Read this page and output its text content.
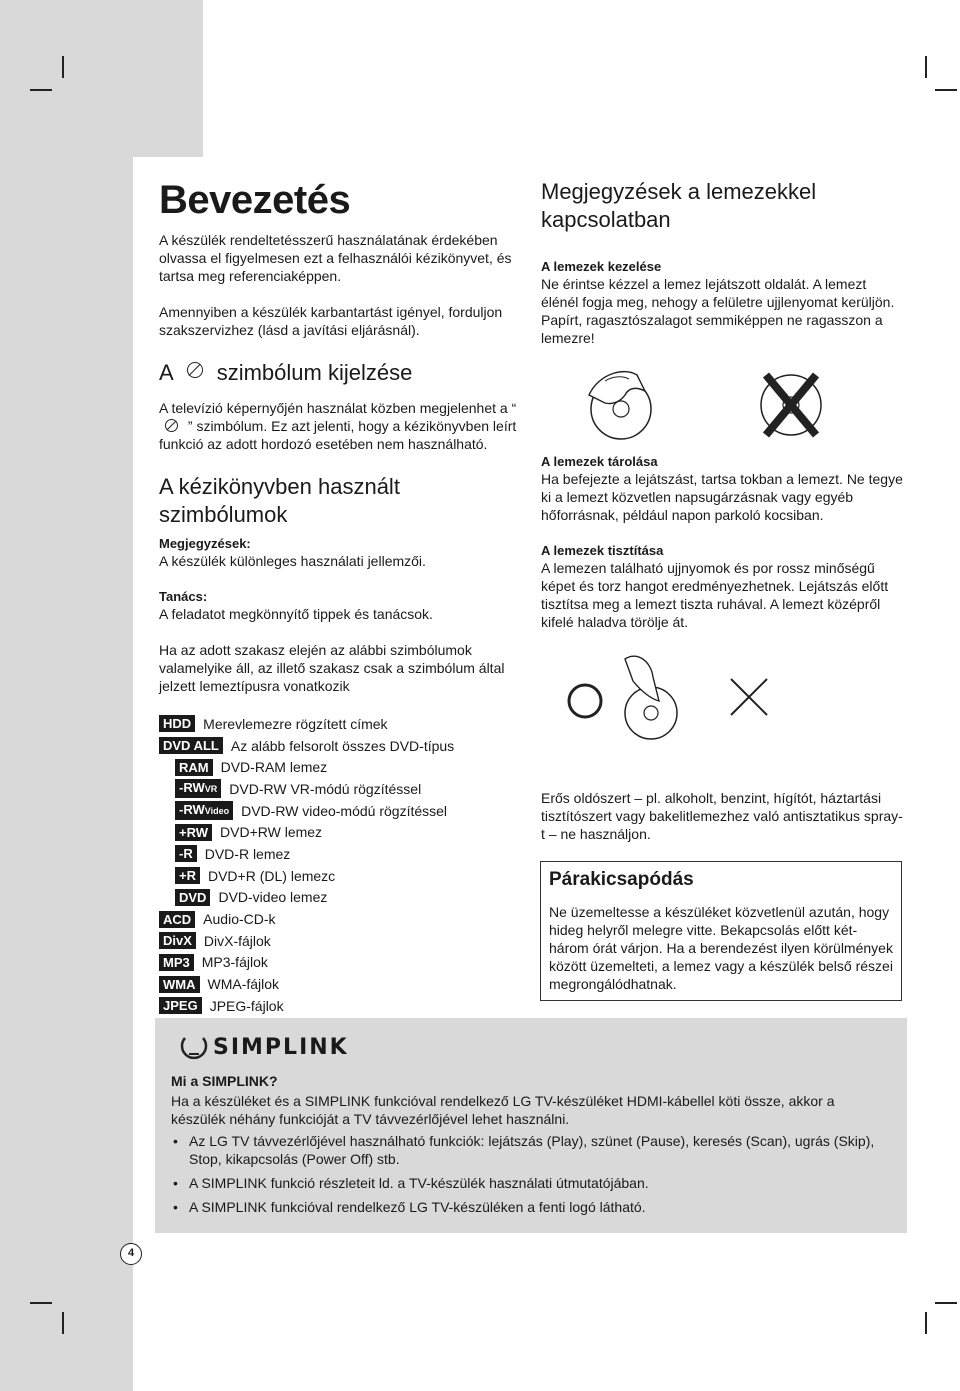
Bevezetés

A készülék rendeltetésszerű használatának érdekében olvassa el figyelmesen ezt a felhasználói kézikönyvet, és tartsa meg referenciaképpen.

Amennyiben a készülék karbantartást igényel, forduljon szakszervizhez (lásd a javítási eljárásnál).

A szimbólum kijelzése

A televízió képernyőjén használat közben megjelenhet a “
” szimbólum. Ez azt jelenti, hogy a kézikönyvben leírt funkció az adott hordozó esetében nem használható.

A kézikönyvben használt szimbólumok

Megjegyzések:

A készülék különleges használati jellemzői.

Tanács:

A feladatot megkönnyítő tippek és tanácsok.

Ha az adott szakasz elején az alábbi szimbólumok valamelyike áll, az illető szakasz csak a szimbólum által jelzett lemeztípusra vonatkozik

HDD Merevlemezre rögzített címek
DVD ALL Az alább felsorolt összes DVD-típus
RAM DVD-RAM lemez
-RWVR DVD-RW VR-módú rögzítéssel
-RWVideo DVD-RW video-módú rögzítéssel
+RW DVD+RW lemez
-R DVD-R lemez
+R DVD+R (DL) lemezc
DVD DVD-video lemez
ACD Audio-CD-k
DivX DivX-fájlok
MP3 MP3-fájlok
WMA WMA-fájlok
JPEG JPEG-fájlok
Megjegyzések a lemezekkel kapcsolatban

A lemezek kezelése

Ne érintse kézzel a lemez lejátszott oldalát. A lemezt élénél fogja meg, nehogy a felületre ujjlenyomat kerüljön. Papírt, ragasztószalagot semmiképpen ne ragasszon a lemezre!

A lemezek tárolása

Ha befejezte a lejátszást, tartsa tokban a lemezt. Ne tegye ki a lemezt közvetlen napsugárzásnak vagy egyéb hőforrásnak, például napon parkoló kocsiban.

A lemezek tisztítása

A lemezen található ujjnyomok és por rossz minőségű képet és torz hangot eredményezhetnek. Lejátszás előtt tisztítsa meg a lemezt tiszta ruhával. A lemezt középről kifelé haladva törölje át.

Erős oldószert – pl. alkoholt, benzint, hígítót, háztartási tisztítószert vagy bakelitlemezhez való antisztatikus spray-t – ne használjon.

Párakicsapódás

Ne üzemeltesse a készüléket közvetlenül azután, hogy hideg helyről melegre vitte. Bekapcsolás előtt két-három órát várjon. Ha a berendezést ilyen körülmények között üzemelteti, a lemez vagy a készülék belső részei megrongálódhatnak.

SIMPLINK

Mi a SIMPLINK?

Ha a készüléket és a SIMPLINK funkcióval rendelkező LG TV-készüléket HDMI-kábellel köti össze, akkor a készülék néhány funkcióját a TV távvezérlőjével lehet használni.

• Az LG TV távvezérlőjével használható funkciók: lejátszás (Play), szünet (Pause), keresés (Scan), ugrás (Skip), Stop, kikapcsolás (Power Off) stb.
• A SIMPLINK funkció részleteit ld. a TV-készülék használati útmutatójában.
• A SIMPLINK funkcióval rendelkező LG TV-készüléken a fenti logó látható.
4
